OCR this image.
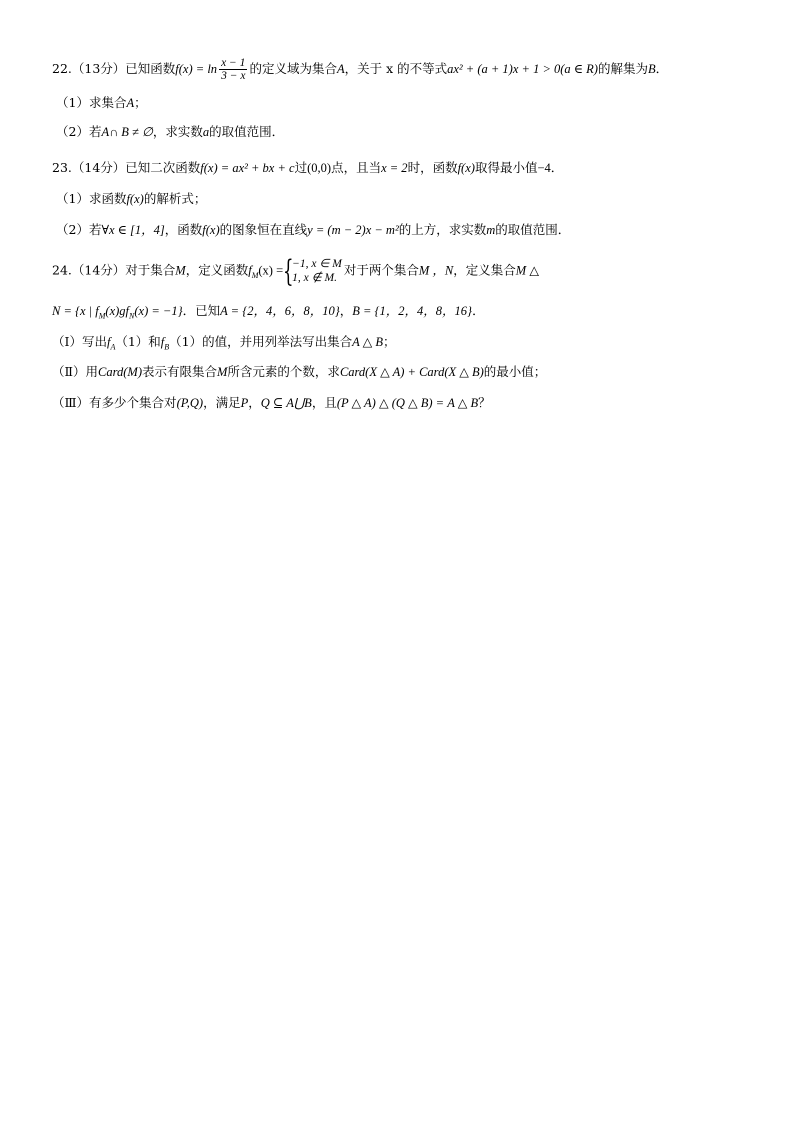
22.（13分）已知函数$f(x) = \ln \frac{x - 1}{3 - x}$ 的定义域为集合A，关于 x 的不等式ax² + (a + 1)x + 1 > 0(a ∈ R)的解集为B．
（1）求集合A；
（2）若A∩ B ≠ ∅，求实数a的取值范围．
23.（14分）已知二次函数f(x) = ax² + bx + c过(0,0)点，且当x = 2时，函数f(x)取得最小值−4．
（1）求函数f(x)的解析式；
（2）若∀x ∈ [1，4]，函数f(x)的图象恒在直线y = (m − 2)x − m²的上方，求实数m的取值范围．
24.（14分）对于集合M，定义函数$f_M(x)$ = {
−1, x ∈ M
1, x ∉ M.
对于两个集合M ，N，定义集合M △
N = {x | $f_M(x)gf_N(x) = -1$}．已知A = {2，4，6，8，10}，B = {1，2，4，8，16}．
（Ⅰ）写出$f_A(1)$和$f_B(1)$的值，并用列举法写出集合A △ B；
（Ⅱ）用Card(M)表示有限集合M所含元素的个数，求Card(X △ A) + Card(X △ B)的最小值；
（Ⅲ）有多少个集合对(P,Q)，满足P，Q ⊆ A⋃B，且(P △ A) △ (Q △ B) = A △ B？
